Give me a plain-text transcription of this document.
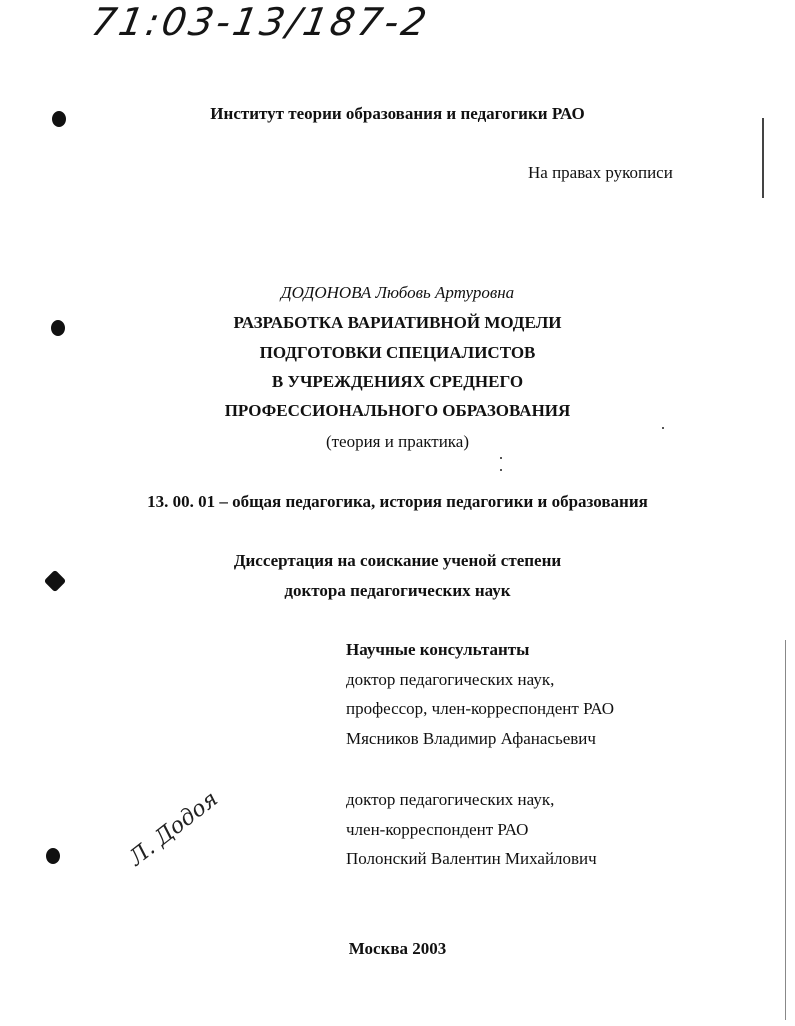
71:03-13/187-2
Институт теории образования и педагогики РАО
На правах рукописи
ДОДОНОВА Любовь Артуровна
РАЗРАБОТКА ВАРИАТИВНОЙ МОДЕЛИ
ПОДГОТОВКИ СПЕЦИАЛИСТОВ
В УЧРЕЖДЕНИЯХ СРЕДНЕГО
ПРОФЕССИОНАЛЬНОГО ОБРАЗОВАНИЯ
(теория и практика)
13. 00. 01 – общая педагогика, история педагогики и образования
Диссертация на соискание ученой степени
доктора педагогических наук
Научные консультанты
доктор педагогических наук,
профессор, член-корреспондент РАО
Мясников Владимир Афанасьевич
доктор педагогических наук,
член-корреспондент РАО
Полонский Валентин Михайлович
Л. Додоя
Москва 2003
